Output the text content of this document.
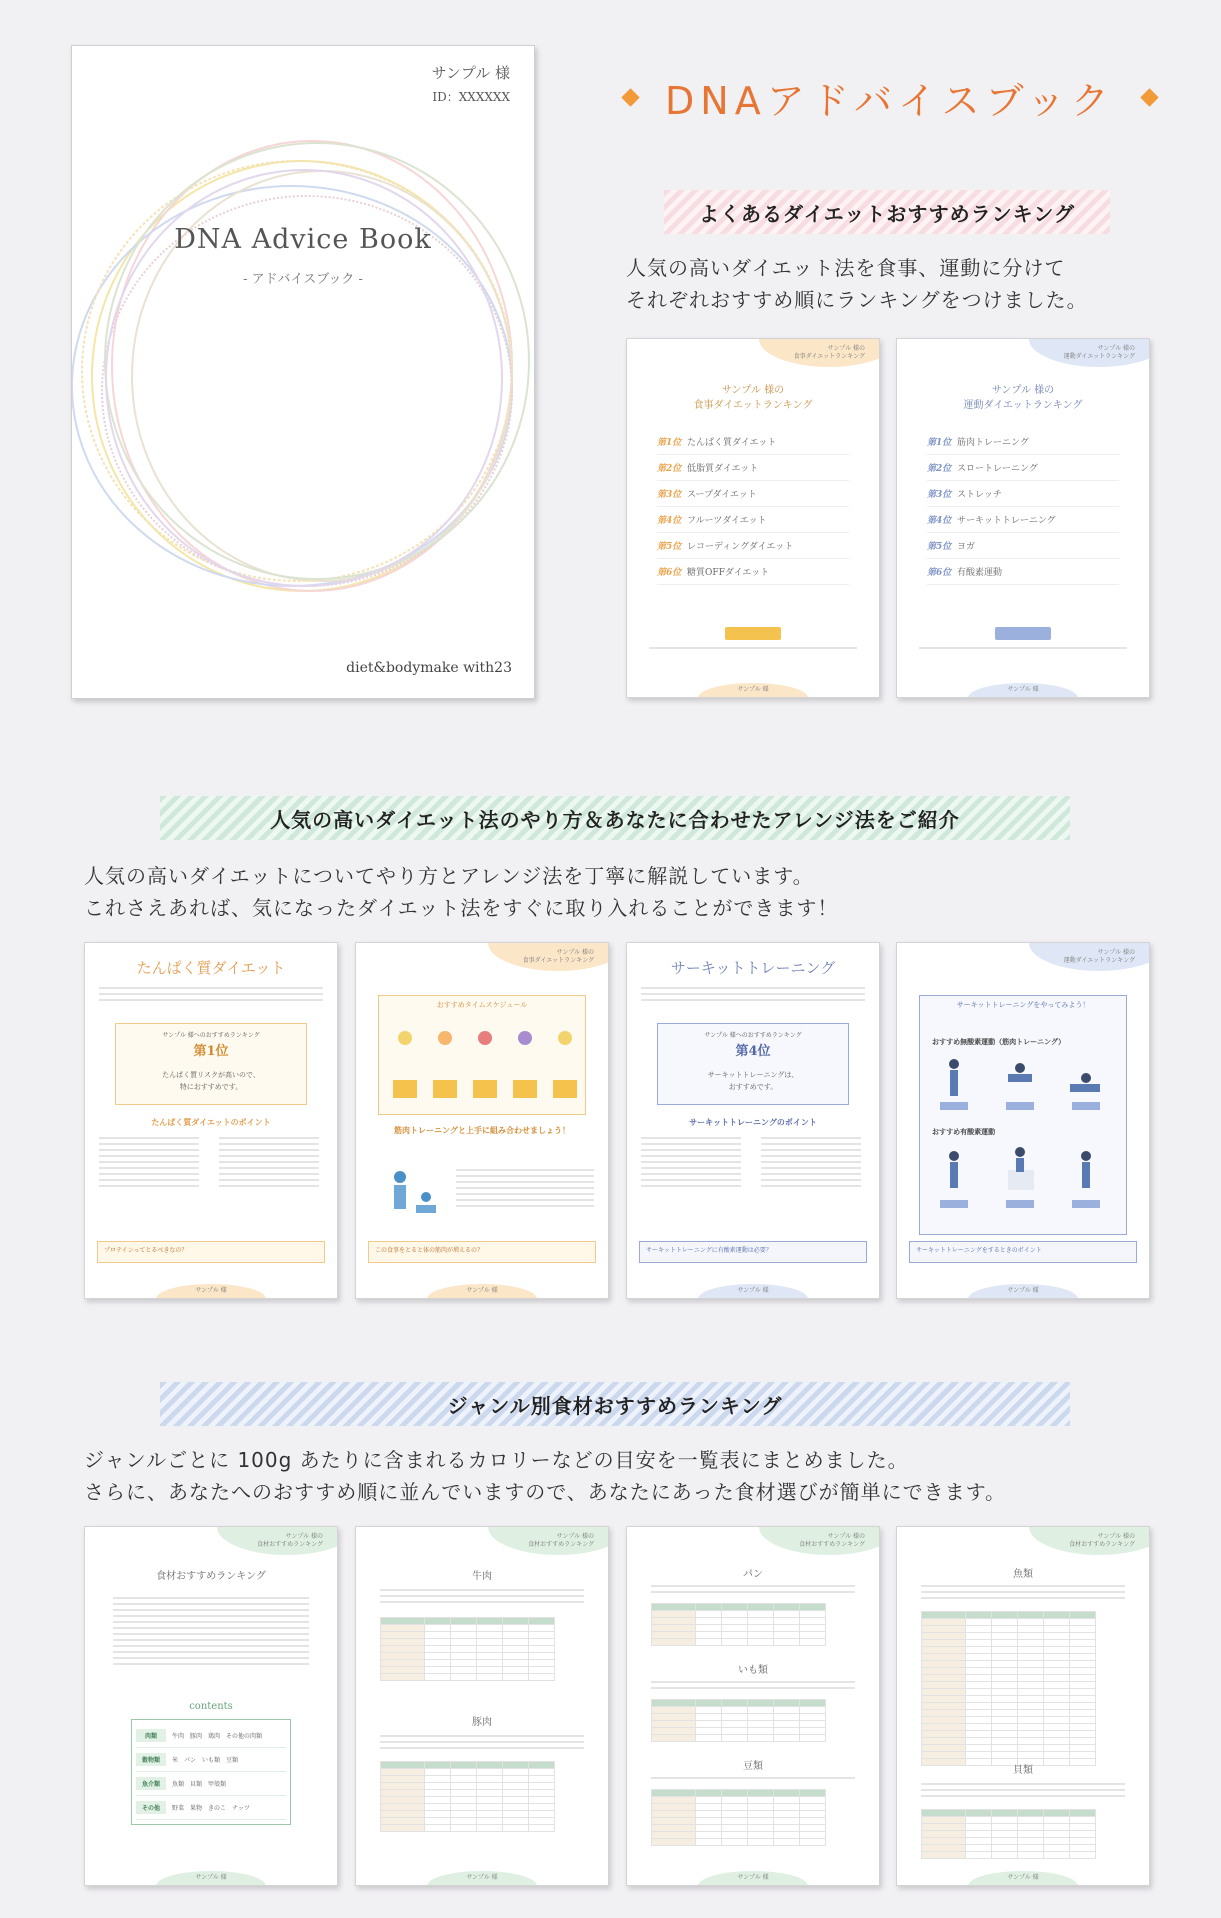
サンプル 様
ID：XXXXXX
DNA Advice Book
- アドバイスブック -
diet&bodymake with23
DNAアドバイスブック
よくあるダイエットおすすめランキング
人気の高いダイエット法を食事、運動に分けて
それぞれおすすめ順にランキングをつけました。
サンプル 様の
食事ダイエットランキング
サンプル 様の
食事ダイエットランキング
第1位 たんぱく質ダイエット
第2位 低脂質ダイエット
第3位 スープダイエット
第4位 フルーツダイエット
第5位 レコーディングダイエット
第6位 糖質OFFダイエット
サンプル 様
サンプル 様の
運動ダイエットランキング
サンプル 様の
運動ダイエットランキング
第1位 筋肉トレーニング
第2位 スロートレーニング
第3位 ストレッチ
第4位 サーキットトレーニング
第5位 ヨガ
第6位 有酸素運動
サンプル 様
人気の高いダイエット法のやり方＆あなたに合わせたアレンジ法をご紹介
人気の高いダイエットについてやり方とアレンジ法を丁寧に解説しています。
これさえあれば、気になったダイエット法をすぐに取り入れることができます！
たんぱく質ダイエット
サンプル 様へのおすすめランキング
第1位
たんぱく質リスクが高いので、
特におすすめです。
たんぱく質ダイエットのポイント
プロテインってとるべきなの？
サンプル 様
サンプル 様の
食事ダイエットランキング
おすすめタイムスケジュール
筋肉トレーニングと上手に組み合わせましょう！
この食事をとると体の筋肉が増えるの？
サンプル 様
サーキットトレーニング
サンプル 様へのおすすめランキング
第4位
サーキットトレーニングは、
おすすめです。
サーキットトレーニングのポイント
サーキットトレーニングに有酸素運動は必要？
サンプル 様
サンプル 様の
運動ダイエットランキング
サーキットトレーニングをやってみよう！
おすすめ無酸素運動（筋肉トレーニング）
おすすめ有酸素運動
サーキットトレーニングをするときのポイント
サンプル 様
ジャンル別食材おすすめランキング
ジャンルごとに 100g あたりに含まれるカロリーなどの目安を一覧表にまとめました。
さらに、あなたへのおすすめ順に並んでいますので、あなたにあった食材選びが簡単にできます。
サンプル 様の
食材おすすめランキング
食材おすすめランキング
contents
肉類	牛肉　豚肉　鶏肉　その他の肉類
穀物類	米　パン　いも類　豆類
魚介類	魚類　貝類　甲殻類
その他	野菜　果物　きのこ　ナッツ
サンプル 様
サンプル 様の
食材おすすめランキング
牛肉

豚肉

サンプル 様
サンプル 様の
食材おすすめランキング
パン

いも類

豆類

サンプル 様
サンプル 様の
食材おすすめランキング
魚類

貝類

サンプル 様
